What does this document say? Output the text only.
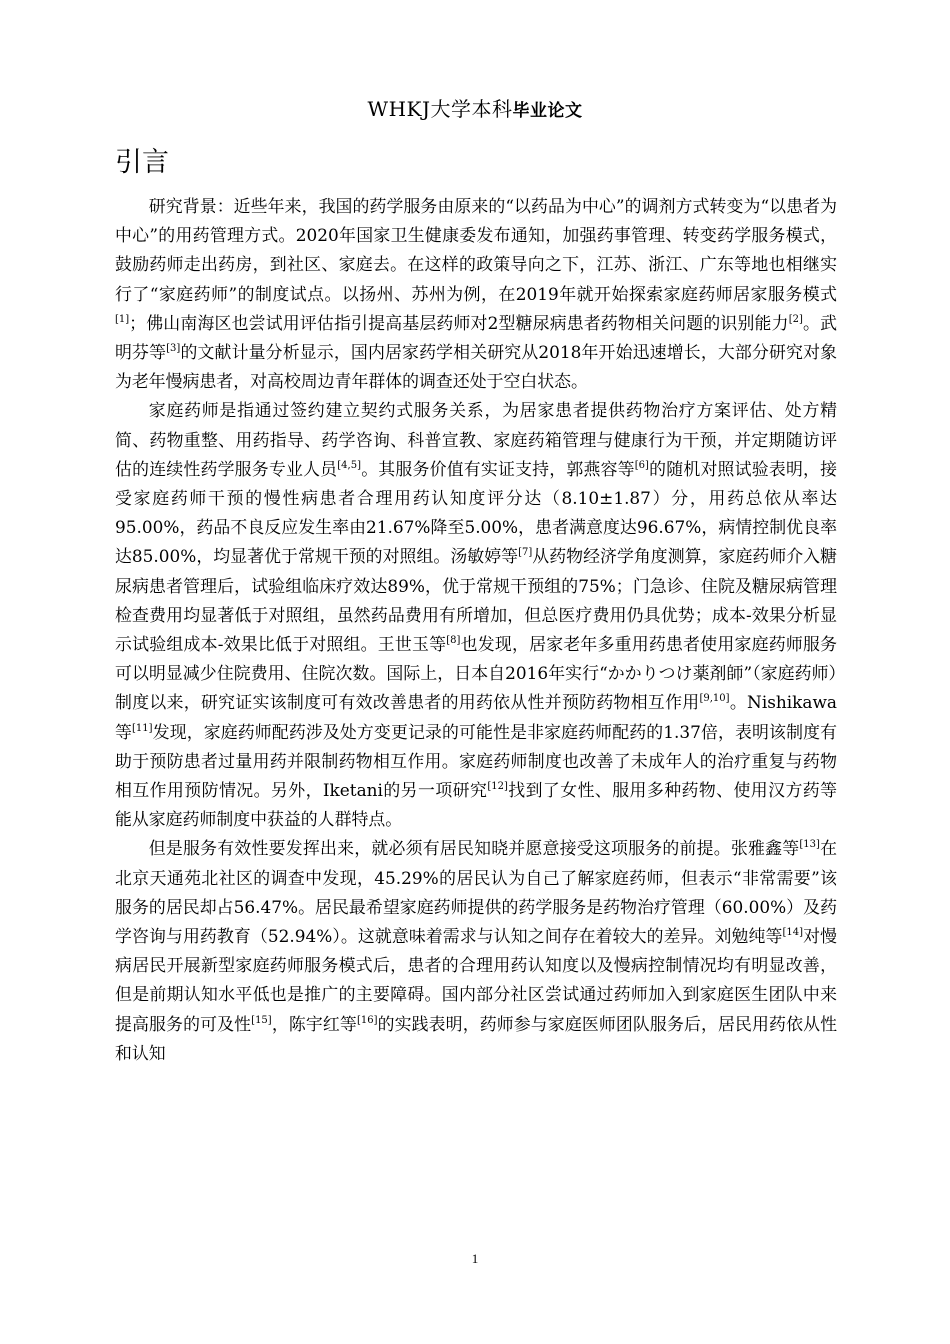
WHKJ大学本科毕业论文
引言

研究背景：近些年来，我国的药学服务由原来的“以药品为中心”的调剂方式转变为“以患者为中心”的用药管理方式。2020年国家卫生健康委发布通知，加强药事管理、转变药学服务模式，鼓励药师走出药房，到社区、家庭去。在这样的政策导向之下，江苏、浙江、广东等地也相继实行了“家庭药师”的制度试点。以扬州、苏州为例，在2019年就开始探索家庭药师居家服务模式[1]；佛山南海区也尝试用评估指引提高基层药师对2型糖尿病患者药物相关问题的识别能力[2]。武明芬等[3]的文献计量分析显示，国内居家药学相关研究从2018年开始迅速增长，大部分研究对象为老年慢病患者，对高校周边青年群体的调查还处于空白状态。

家庭药师是指通过签约建立契约式服务关系，为居家患者提供药物治疗方案评估、处方精简、药物重整、用药指导、药学咨询、科普宣教、家庭药箱管理与健康行为干预，并定期随访评估的连续性药学服务专业人员[4,5]。其服务价值有实证支持，郭燕容等[6]的随机对照试验表明，接受家庭药师干预的慢性病患者合理用药认知度评分达（8.10±1.87）分，用药总依从率达95.00%，药品不良反应发生率由21.67%降至5.00%，患者满意度达96.67%，病情控制优良率达85.00%，均显著优于常规干预的对照组。汤敏婷等[7]从药物经济学角度测算，家庭药师介入糖尿病患者管理后，试验组临床疗效达89%，优于常规干预组的75%；门急诊、住院及糖尿病管理检查费用均显著低于对照组，虽然药品费用有所增加，但总医疗费用仍具优势；成本-效果分析显示试验组成本-效果比低于对照组。王世玉等[8]也发现，居家老年多重用药患者使用家庭药师服务可以明显减少住院费用、住院次数。国际上，日本自2016年实行“かかりつけ薬剤師”（家庭药师）制度以来，研究证实该制度可有效改善患者的用药依从性并预防药物相互作用[9,10]。Nishikawa等[11]发现，家庭药师配药涉及处方变更记录的可能性是非家庭药师配药的1.37倍，表明该制度有助于预防患者过量用药并限制药物相互作用。家庭药师制度也改善了未成年人的治疗重复与药物相互作用预防情况。另外，Iketani的另一项研究[12]找到了女性、服用多种药物、使用汉方药等能从家庭药师制度中获益的人群特点。

但是服务有效性要发挥出来，就必须有居民知晓并愿意接受这项服务的前提。张雅鑫等[13]在北京天通苑北社区的调查中发现，45.29%的居民认为自己了解家庭药师，但表示“非常需要”该服务的居民却占56.47%。居民最希望家庭药师提供的药学服务是药物治疗管理（60.00%）及药学咨询与用药教育（52.94%）。这就意味着需求与认知之间存在着较大的差异。刘勉纯等[14]对慢病居民开展新型家庭药师服务模式后，患者的合理用药认知度以及慢病控制情况均有明显改善，但是前期认知水平低也是推广的主要障碍。国内部分社区尝试通过药师加入到家庭医生团队中来提高服务的可及性[15]，陈宇红等[16]的实践表明，药师参与家庭医师团队服务后，居民用药依从性和认知

1
